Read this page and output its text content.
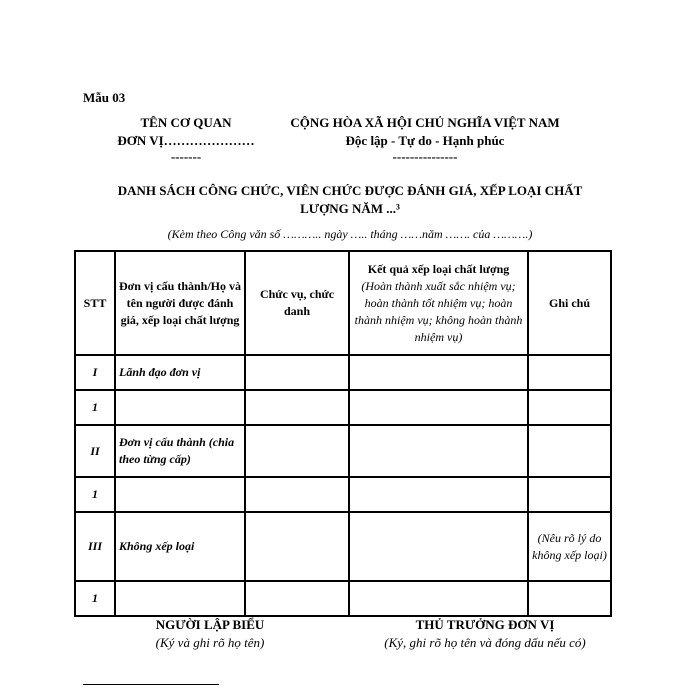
Mẫu 03
TÊN CƠ QUAN
ĐƠN VỊ…………………
-------
CỘNG HÒA XÃ HỘI CHỦ NGHĨA VIỆT NAM
Độc lập - Tự do - Hạnh phúc
---------------
DANH SÁCH CÔNG CHỨC, VIÊN CHỨC ĐƯỢC ĐÁNH GIÁ, XẾP LOẠI CHẤT
LƯỢNG NĂM ...³
(Kèm theo Công văn số ……….. ngày ….. tháng ……năm ……. của ……….)
STT	Đơn vị cấu thành/Họ và tên người được đánh giá, xếp loại chất lượng	Chức vụ, chức danh	Kết quả xếp loại chất lượng (Hoàn thành xuất sắc nhiệm vụ; hoàn thành tốt nhiệm vụ; hoàn thành nhiệm vụ; không hoàn thành nhiệm vụ)	Ghi chú
I	Lãnh đạo đơn vị			
1				
II	Đơn vị cấu thành (chia theo từng cấp)			
1				
III	Không xếp loại			(Nêu rõ lý do không xếp loại)
1				
NGƯỜI LẬP BIỂU
(Ký và ghi rõ họ tên)
THỦ TRƯỞNG ĐƠN VỊ
(Ký, ghi rõ họ tên và đóng dấu nếu có)
